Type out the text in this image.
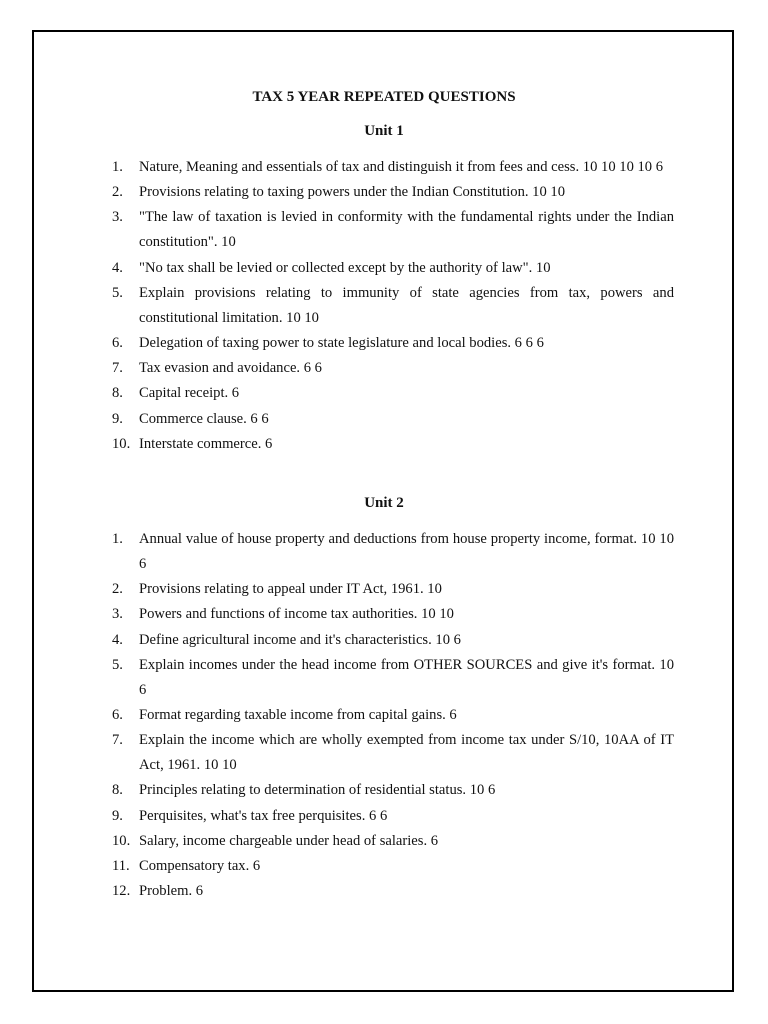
TAX 5 YEAR REPEATED QUESTIONS
Unit 1
1.	Nature, Meaning and essentials of tax and distinguish it from fees and cess. 10 10 10 10 6
2.	Provisions relating to taxing powers under the Indian Constitution. 10 10
3.	"The law of taxation is levied in conformity with the fundamental rights under the Indian constitution". 10
4.	"No tax shall be levied or collected except by the authority of law". 10
5.	Explain provisions relating to immunity of state agencies from tax, powers and constitutional limitation. 10 10
6.	Delegation of taxing power to state legislature and local bodies. 6 6 6
7.	Tax evasion and avoidance. 6 6
8.	Capital receipt. 6
9.	Commerce clause. 6 6
10. Interstate commerce. 6
Unit 2
1.	Annual value of house property and deductions from house property income, format. 10 10 6
2.	Provisions relating to appeal under IT Act, 1961. 10
3.	Powers and functions of income tax authorities. 10 10
4.	Define agricultural income and it's characteristics. 10 6
5.	Explain incomes under the head income from OTHER SOURCES and give it's format. 10 6
6.	Format regarding taxable income from capital gains. 6
7.	Explain the income which are wholly exempted from income tax under S/10, 10AA of IT Act, 1961. 10 10
8.	Principles relating to determination of residential status. 10 6
9.	Perquisites, what's tax free perquisites. 6 6
10. Salary, income chargeable under head of salaries. 6
11. Compensatory tax. 6
12. Problem. 6
